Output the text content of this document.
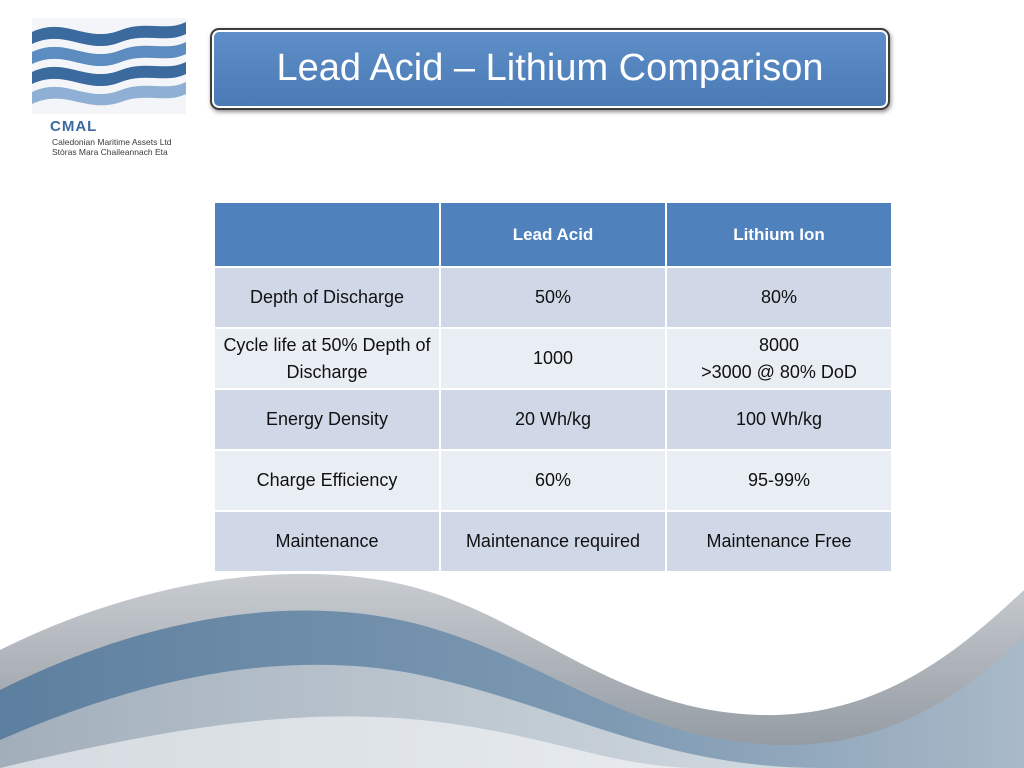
CMAL
Caledonian Maritime Assets Ltd
Stòras Mara Chaileannach Eta
Lead Acid – Lithium Comparison
	Lead Acid	Lithium Ion
Depth of Discharge	50%	80%

Cycle life at 50% Depth of Discharge	1000	8000
>3000 @ 80% DoD

Energy Density	20 Wh/kg	100 Wh/kg

Charge Efficiency	60%	95-99%

Maintenance	Maintenance required	Maintenance Free
